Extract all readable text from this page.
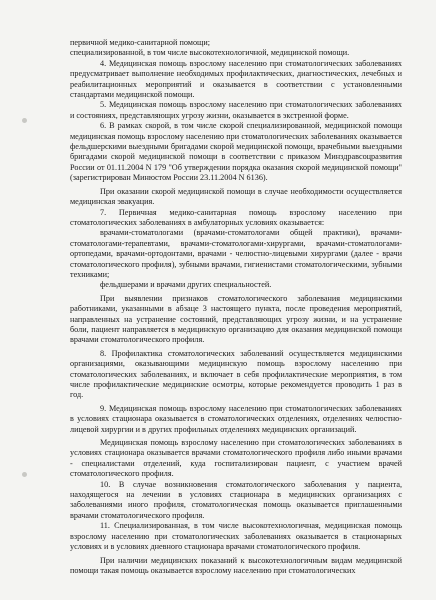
первичной медико-санитарной помощи;

специализированной, в том числе высокотехнологичной, медицинской помощи.

4. Медицинская помощь взрослому населению при стоматологических заболеваниях предусматривает выполнение необходимых профилактических, диагностических, лечебных и реабилитационных мероприятий и оказывается в соответствии с установленными стандартами медицинской помощи.

5. Медицинская помощь взрослому населению при стоматологических заболеваниях и состояниях, представляющих угрозу жизни, оказывается в экстренной форме.

6. В рамках скорой, в том числе скорой специализированной, медицинской помощи медицинская помощь взрослому населению при стоматологических заболеваниях оказывается фельдшерскими выездными бригадами скорой медицинской помощи, врачебными выездными бригадами скорой медицинской помощи в соответствии с приказом Минздравсоцразвития России от 01.11.2004 N 179 "Об утверждении порядка оказания скорой медицинской помощи" (зарегистрирован Минюстом России 23.11.2004 N 6136).

При оказании скорой медицинской помощи в случае необходимости осуществляется медицинская эвакуация.

7. Первичная медико-санитарная помощь взрослому населению при стоматологических заболеваниях в амбулаторных условиях оказывается:

врачами-стоматологами (врачами-стоматологами общей практики), врачами-стоматологами-терапевтами, врачами-стоматологами-хирургами, врачами-стоматологами-ортопедами, врачами-ортодонтами, врачами - челюстно-лицевыми хирургами (далее - врачи стоматологического профиля), зубными врачами, гигиенистами стоматологическими, зубными техниками;

фельдшерами и врачами других специальностей.

При выявлении признаков стоматологического заболевания медицинскими работниками, указанными в абзаце 3 настоящего пункта, после проведения мероприятий, направленных на устранение состояний, представляющих угрозу жизни, и на устранение боли, пациент направляется в медицинскую организацию для оказания медицинской помощи врачами стоматологического профиля.

8. Профилактика стоматологических заболеваний осуществляется медицинскими организациями, оказывающими медицинскую помощь взрослому населению при стоматологических заболеваниях, и включает в себя профилактические мероприятия, в том числе профилактические медицинские осмотры, которые рекомендуется проводить 1 раз в год.

9. Медицинская помощь взрослому населению при стоматологических заболеваниях в условиях стационара оказывается в стоматологических отделениях, отделениях челюстно-лицевой хирургии и в других профильных отделениях медицинских организаций.

Медицинская помощь взрослому населению при стоматологических заболеваниях в условиях стационара оказывается врачами стоматологического профиля либо иными врачами - специалистами отделений, куда госпитализирован пациент, с участием врачей стоматологического профиля.

10. В случае возникновения стоматологического заболевания у пациента, находящегося на лечении в условиях стационара в медицинских организациях с заболеваниями иного профиля, стоматологическая помощь оказывается приглашенными врачами стоматологического профиля.

11. Специализированная, в том числе высокотехнологичная, медицинская помощь взрослому населению при стоматологических заболеваниях оказывается в стационарных условиях и в условиях дневного стационара врачами стоматологического профиля.

При наличии медицинских показаний к высокотехнологичным видам медицинской помощи такая помощь оказывается взрослому населению при стоматологических
